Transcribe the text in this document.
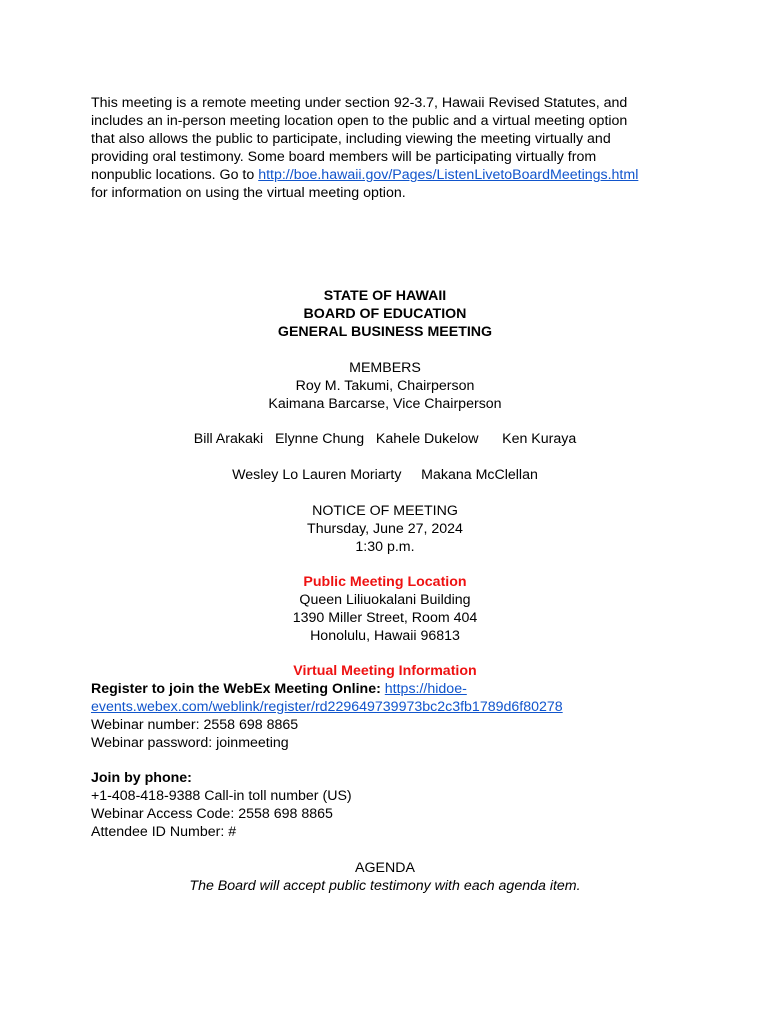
This meeting is a remote meeting under section 92-3.7, Hawaii Revised Statutes, and

includes an in-person meeting location open to the public and a virtual meeting option

that also allows the public to participate, including viewing the meeting virtually and

providing oral testimony. Some board members will be participating virtually from

nonpublic locations. Go to http://boe.hawaii.gov/Pages/ListenLivetoBoardMeetings.html

for information on using the virtual meeting option.

STATE OF HAWAII

BOARD OF EDUCATION

GENERAL BUSINESS MEETING

MEMBERS

Roy M. Takumi, Chairperson

Kaimana Barcarse, Vice Chairperson

Bill Arakaki Elynne Chung Kahele Dukelow Ken Kuraya
Wesley Lo Lauren Moriarty Makana McClellan

NOTICE OF MEETING

Thursday, June 27, 2024

1:30 p.m.

Public Meeting Location

Queen Liliuokalani Building

1390 Miller Street, Room 404

Honolulu, Hawaii 96813

Virtual Meeting Information

Register to join the WebEx Meeting Online: https://hidoe-

events.webex.com/weblink/register/rd229649739973bc2c3fb1789d6f80278

Webinar number: 2558 698 8865

Webinar password: joinmeeting

Join by phone:

+1-408-418-9388 Call-in toll number (US)

Webinar Access Code: 2558 698 8865

Attendee ID Number: #

AGENDA

The Board will accept public testimony with each agenda item.
